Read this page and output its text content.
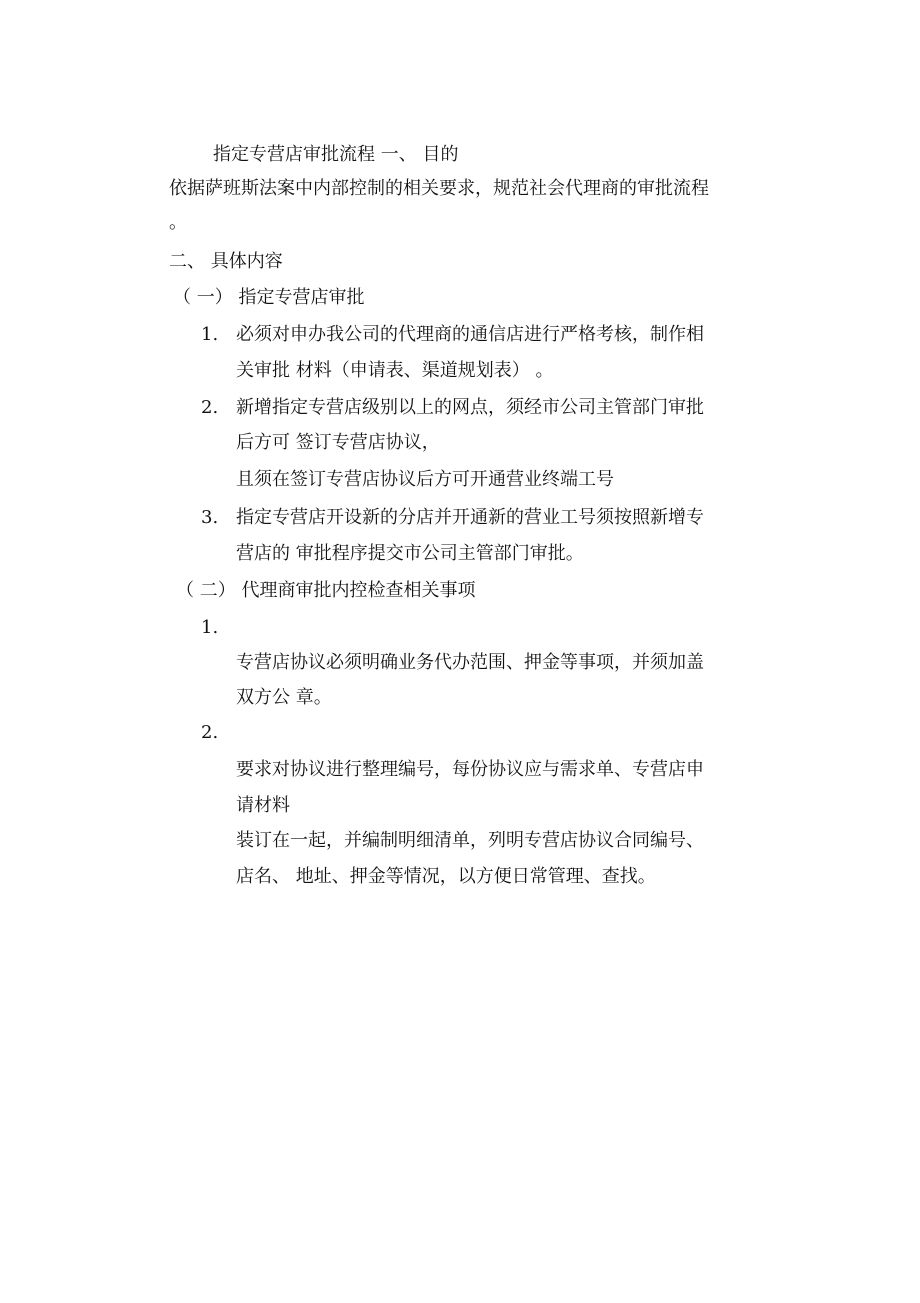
指定专营店审批流程 一、 目的
依据萨班斯法案中内部控制的相关要求，规范社会代理商的审批流程
。
二、 具体内容
（ 一） 指定专营店审批
1. 必须对申办我公司的代理商的通信店进行严格考核，制作相
关审批 材料（申请表、渠道规划表） 。
2. 新增指定专营店级别以上的网点，须经市公司主管部门审批
后方可 签订专营店协议，
且须在签订专营店协议后方可开通营业终端工号
3. 指定专营店开设新的分店并开通新的营业工号须按照新增专
营店的 审批程序提交市公司主管部门审批。
（ 二） 代理商审批内控检查相关事项
1.
专营店协议必须明确业务代办范围、押金等事项，并须加盖
双方公 章。
2.
要求对协议进行整理编号，每份协议应与需求单、专营店申
请材料
装订在一起，并编制明细清单，列明专营店协议合同编号、
店名、 地址、押金等情况，以方便日常管理、查找。
